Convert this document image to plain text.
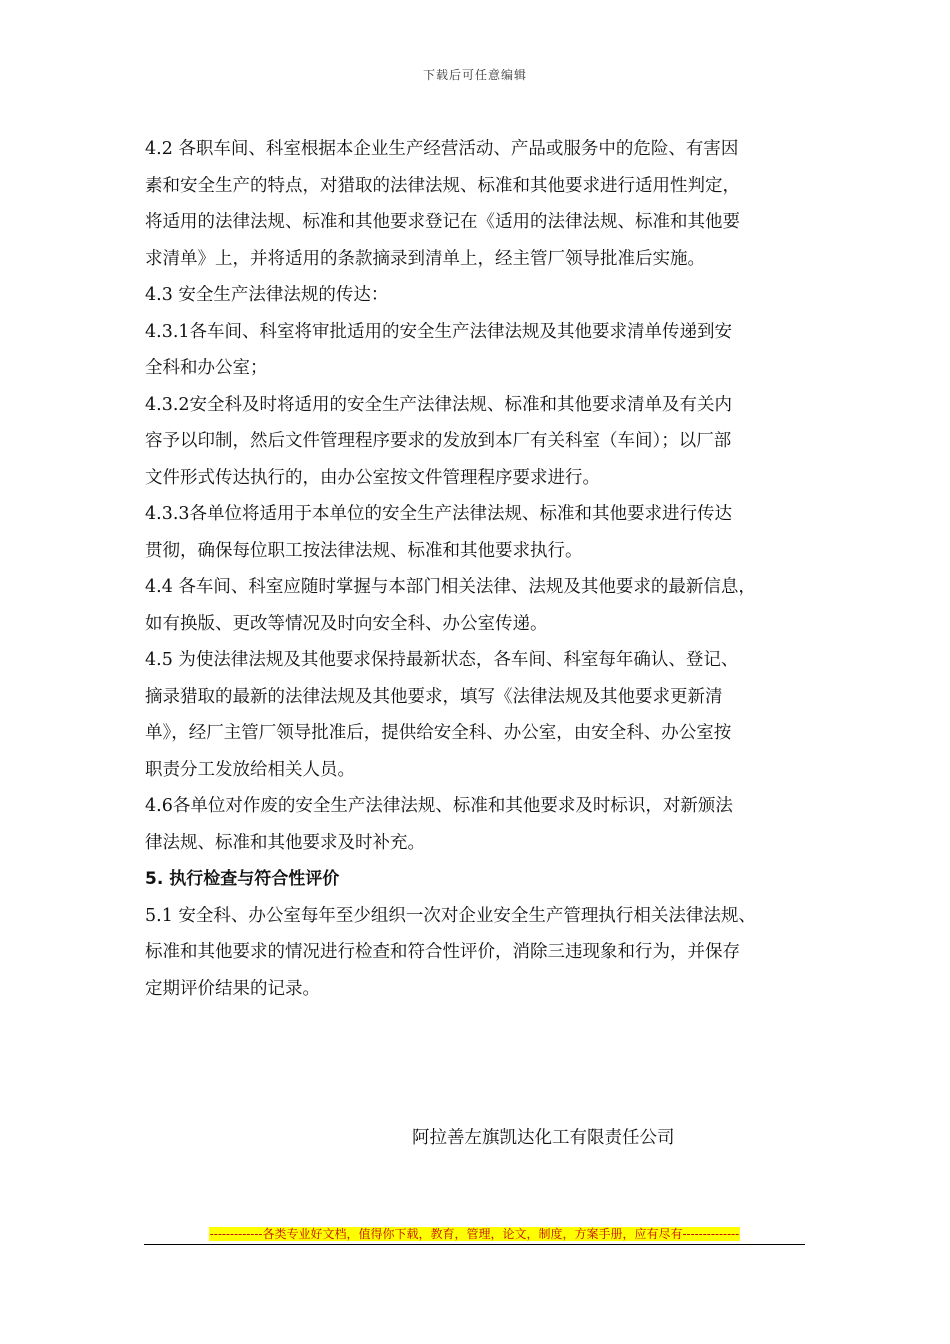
下载后可任意编辑
4.2 各职车间、科室根据本企业生产经营活动、产品或服务中的危险、有害因
素和安全生产的特点，对猎取的法律法规、标准和其他要求进行适用性判定，
将适用的法律法规、标准和其他要求登记在《适用的法律法规、标准和其他要
求清单》上，并将适用的条款摘录到清单上，经主管厂领导批准后实施。
4.3 安全生产法律法规的传达：
4.3.1各车间、科室将审批适用的安全生产法律法规及其他要求清单传递到安
全科和办公室；
4.3.2安全科及时将适用的安全生产法律法规、标准和其他要求清单及有关内
容予以印制，然后文件管理程序要求的发放到本厂有关科室（车间）；以厂部
文件形式传达执行的，由办公室按文件管理程序要求进行。
4.3.3各单位将适用于本单位的安全生产法律法规、标准和其他要求进行传达
贯彻，确保每位职工按法律法规、标准和其他要求执行。
4.4 各车间、科室应随时掌握与本部门相关法律、法规及其他要求的最新信息，
如有换版、更改等情况及时向安全科、办公室传递。
4.5 为使法律法规及其他要求保持最新状态，各车间、科室每年确认、登记、
摘录猎取的最新的法律法规及其他要求，填写《法律法规及其他要求更新清
单》，经厂主管厂领导批准后，提供给安全科、办公室，由安全科、办公室按
职责分工发放给相关人员。
4.6各单位对作废的安全生产法律法规、标准和其他要求及时标识，对新颁法
律法规、标准和其他要求及时补充。
5. 执行检查与符合性评价
5.1 安全科、办公室每年至少组织一次对企业安全生产管理执行相关法律法规、
标准和其他要求的情况进行检查和符合性评价，消除三违现象和行为，并保存
定期评价结果的记录。
阿拉善左旗凯达化工有限责任公司
-------------各类专业好文档，值得你下载，教育，管理，论文，制度，方案手册，应有尽有--------------
